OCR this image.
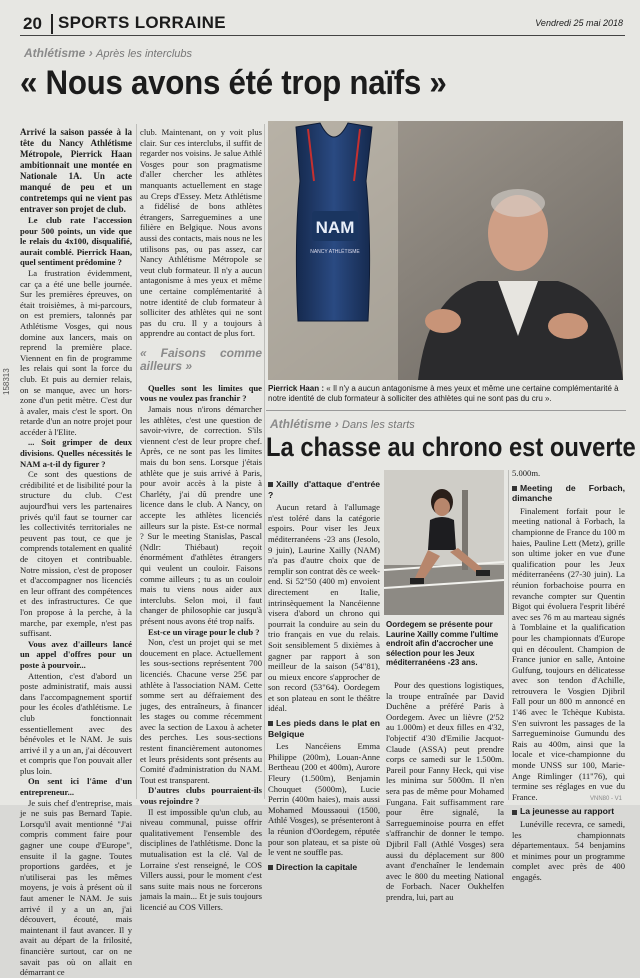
20 SPORTS LORRAINE	Vendredi 25 mai 2018
Athlétisme › Après les interclubs
« Nous avons été trop naïfs »

Arrivé la saison passée à la tête du Nancy Athlétisme Métropole, Pierrick Haan ambitionnait une montée en Nationale 1A. Un acte manqué de peu et un contretemps qui ne vient pas entraver son projet de club.

Le club rate l'accession pour 500 points, un vide que le relais du 4x100, disqualifié, aurait comblé. Pierrick Haan, quel sentiment prédomine ?

La frustration évidemment, car ça a été une belle journée. Sur les premières épreuves, on était troisièmes, à mi-parcours, on est premiers, talonnés par Athlétisme Vosges, qui nous domine aux lancers, mais on reprend la première place. Viennent en fin de programme les relais qui sont la force du club. Et puis au dernier relais, on se manque, avec un hors-zone d'un petit mètre. C'est dur à avaler, mais c'est le sport. On retarde d'un an notre projet pour accéder à l'Elite.

... Soit grimper de deux divisions. Quelles nécessités le NAM a-t-il dy figurer ?

Ce sont des questions de crédibilité et de lisibilité pour la structure du club. C'est aujourd'hui vers les partenaires privés qu'il faut se tourner car les collectivités territoriales ne peuvent pas tout, ce que je comprends totalement en qualité de citoyen et contribuable. Notre mission, c'est de proposer et d'accompagner nos licenciés en leur offrant des compétences et des infrastructures. Ce que l'on propose à la perche, à la marche, par exemple, n'est pas suffisant.

Vous avez d'ailleurs lancé un appel d'offres pour un poste à pourvoir...

Attention, c'est d'abord un poste administratif, mais aussi dans l'accompagnement sportif pour les écoles d'athlétisme. Le club fonctionnait essentiellement avec des bénévoles et le NAM. Je suis arrivé il y a un an, j'ai découvert et compris que l'on pouvait aller plus loin.

On sent ici l'âme d'un entrepreneur...

Je suis chef d'entreprise, mais je ne suis pas Bernard Tapie. Lorsqu'il avait mentionné "J'ai compris comment faire pour gagner une coupe d'Europe", ensuite il la gagne. Toutes proportions gardées, et je n'utiliserai pas les mêmes moyens, je vois à présent où il faut amener le NAM. Je suis arrivé il y a un an, j'ai découvert, écouté, mais maintenant il faut avancer. Il y avait au départ de la frilosité, financière surtout, car on ne savait pas où on allait en démarrant ce

club. Maintenant, on y voit plus clair. Sur ces interclubs, il suffit de regarder nos voisins. Je salue Athlé Vosges pour son pragmatisme d'aller chercher les athlètes manquants actuellement en stage au Creps d'Essey. Metz Athlétisme a fidélisé de bons athlètes étrangers, Sarreguemines a une filière en Belgique. Nous avons aussi des contacts, mais nous ne les utilisons pas, ou pas assez, car Nancy Athlétisme Métropole se veut club formateur. Il n'y a aucun antagonisme à mes yeux et même une certaine complémentarité à notre identité de club formateur à solliciter des athlètes qui ne sont pas du cru. Il y a toujours à apprendre au contact de plus fort.

« Faisons comme ailleurs »

Quelles sont les limites que vous ne voulez pas franchir ?

Jamais nous n'irons démarcher les athlètes, c'est une question de savoir-vivre, de correction. S'ils viennent c'est de leur propre chef. Après, ce ne sont pas les limites mais du bon sens. Lorsque j'étais athlète que je suis arrivé à Paris, pour avoir accès à la piste à Charléty, j'ai dû prendre une licence dans le club. A Nancy, on accepte les athlètes licenciés ailleurs sur la piste. Est-ce normal ? Sur le meeting Stanislas, Pascal (Ndlr: Thiébaut) reçoit énormément d'athlètes étrangers qui veulent un couloir. Faisons comme ailleurs ; tu as un couloir mais tu viens nous aider aux interclubs. Selon moi, il faut changer de philosophie car jusqu'à présent nous avons été trop naïfs.

Est-ce un virage pour le club ?

Non, c'est un projet qui se met doucement en place. Actuellement les sous-sections représentent 700 licenciés. Chacune verse 25€ par athlète à l'association NAM. Cette somme sert au défraiement des juges, des entraîneurs, à financer les stages ou comme récemment avec la section de Laxou à acheter des perches. Les sous-sections restent financièrement autonomes et leurs présidents sont présents au Comité d'administration du NAM. Tout est transparent.

D'autres clubs pourraient-ils vous rejoindre ?

Il est impossible qu'un club, au niveau communal, puisse offrir qualitativement l'ensemble des disciplines de l'athlétisme. Donc la mutualisation est la clé. Val de Lorraine s'est renseigné, le COS Villers aussi, pour le moment c'est sans suite mais nous ne forcerons jamais la main... Et je suis toujours licencié au COS Villers.

NAM
NANCY ATHLÉTISME
Pierrick Haan : « Il n'y a aucun antagonisme à mes yeux et même une certaine complémentarité à notre identité de club formateur à solliciter des athlètes qui ne sont pas du cru ».
Athlétisme › Dans les starts
La chasse au chrono est ouverte
Xailly d'attaque d'entrée ?

Aucun retard à l'allumage n'est toléré dans la catégorie espoirs. Pour viser les Jeux méditerranéens -23 ans (Jesolo, 9 juin), Laurine Xailly (NAM) n'a pas d'autre choix que de remplir son contrat dès ce week-end. Si 52"50 (400 m) envoient directement en Italie, intrinsèquement la Nancéienne visera d'abord un chrono qui pourrait la conduire au sein du trio français en vue du relais. Soit sensiblement 5 dixièmes à gagner par rapport à son meilleur de la saison (54"81), ou mieux encore s'approcher de son record (53"64). Oordegem et son plateau en sont le théâtre idéal.

Les pieds dans le plat en Belgique

Les Nancéiens Emma Philippe (200m), Louan-Anne Bertheau (200 et 400m), Aurore Fleury (1.500m), Benjamin Chouquet (5000m), Lucie Perrin (400m haies), mais aussi Mohamed Moussaoui (1500, Athlé Vosges), se présenteront à la réunion d'Oordegem, réputée pour son plateau, et sa piste où le vent ne souffle pas.

Direction la capitale
Oordegem se présente pour Laurine Xailly comme l'ultime endroit afin d'accrocher une sélection pour les Jeux méditerranéens -23 ans.

Pour des questions logistiques, la troupe entraînée par David Duchêne a préféré Paris à Oordegem. Avec un lièvre (2'52 au 1.000m) et deux filles en 4'32, l'objectif 4'30 d'Emilie Jacquot-Claude (ASSA) peut prendre corps ce samedi sur le 1.500m. Pareil pour Fanny Heck, qui vise les minima sur 5000m. Il n'en sera pas de même pour Mohamed Fungana. Fait suffisamment rare pour être signalé, la Sarregueminoise pourra en effet s'affranchir de donner le tempo. Djibril Fall (Athlé Vosges) sera aussi du déplacement sur 800 avant d'enchaîner le lendemain avec le 800 du meeting National de Forbach. Nacer Oukhelfen prendra, lui, part au

5.000m.

Meeting de Forbach, dimanche

Finalement forfait pour le meeting national à Forbach, la championne de France du 100 m haies, Pauline Lett (Metz), grille son ultime joker en vue d'une qualification pour les Jeux méditerranéens (27-30 juin). La réunion forbachoise pourra en revanche compter sur Quentin Bigot qui évoluera l'esprit libéré avec ses 76 m au marteau signés à Tomblaine et la qualification pour les championnats d'Europe qui en découlent. Champion de France junior en salle, Antoine Gulfung, toujours en délicatesse avec son tendon d'Achille, retrouvera le Vosgien Djibril Fall pour un 800 m annoncé en 1'46 avec le Tchèque Kubista. S'en suivront les passages de la Sarregueminoise Gumundu des Rais au 400m, ainsi que la locale et vice-championne du monde UNSS sur 100, Marie-Ange Rimlinger (11"76), qui termine ses réglages en vue du France.

La jeunesse au rapport

Lunéville recevra, ce samedi, les championnats départementaux. 54 benjamins et minimes pour un programme complet avec près de 400 engagés.

158313
VNN80 - V1
